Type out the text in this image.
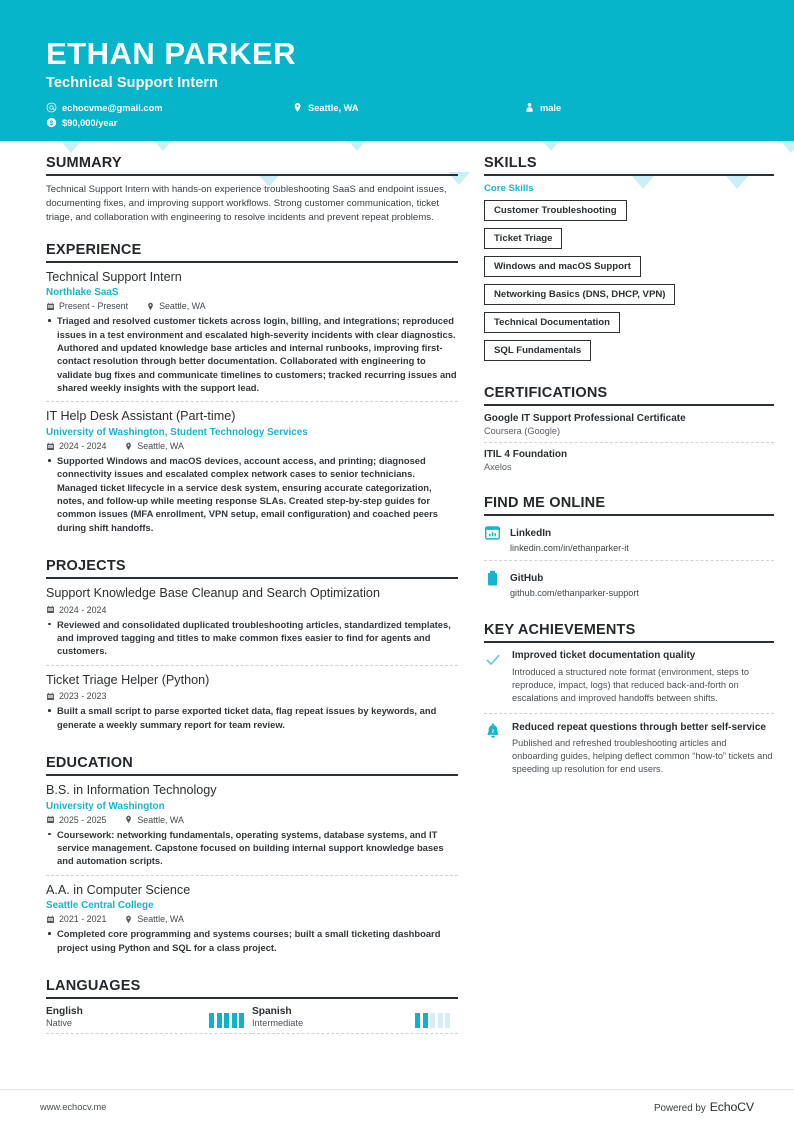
ETHAN PARKER
Technical Support Intern
echocvme@gmail.com	Seattle, WA	male
$ $90,000/year
SUMMARY
Technical Support Intern with hands-on experience troubleshooting SaaS and endpoint issues, documenting fixes, and improving support workflows. Strong customer communication, ticket triage, and collaboration with engineering to resolve incidents and prevent repeat problems.
EXPERIENCE
Technical Support Intern
Northlake SaaS
Present - Present	Seattle, WA
Triaged and resolved customer tickets across login, billing, and integrations; reproduced issues in a test environment and escalated high-severity incidents with clear diagnostics. Authored and updated knowledge base articles and internal runbooks, improving first-contact resolution through better documentation. Collaborated with engineering to validate bug fixes and communicate timelines to customers; tracked recurring issues and shared weekly insights with the support lead.
IT Help Desk Assistant (Part-time)
University of Washington, Student Technology Services
2024 - 2024	Seattle, WA
Supported Windows and macOS devices, account access, and printing; diagnosed connectivity issues and escalated complex network cases to senior technicians. Managed ticket lifecycle in a service desk system, ensuring accurate categorization, notes, and follow-up while meeting response SLAs. Created step-by-step guides for common issues (MFA enrollment, VPN setup, email configuration) and coached peers during shift handoffs.
PROJECTS
Support Knowledge Base Cleanup and Search Optimization
2024 - 2024
Reviewed and consolidated duplicated troubleshooting articles, standardized templates, and improved tagging and titles to make common fixes easier to find for agents and customers.
Ticket Triage Helper (Python)
2023 - 2023
Built a small script to parse exported ticket data, flag repeat issues by keywords, and generate a weekly summary report for team review.
EDUCATION
B.S. in Information Technology
University of Washington
2025 - 2025	Seattle, WA
Coursework: networking fundamentals, operating systems, database systems, and IT service management. Capstone focused on building internal support knowledge bases and automation scripts.
A.A. in Computer Science
Seattle Central College
2021 - 2021	Seattle, WA
Completed core programming and systems courses; built a small ticketing dashboard project using Python and SQL for a class project.
LANGUAGES
English
Native
Spanish
Intermediate
SKILLS
Core Skills
Customer Troubleshooting
Ticket Triage
Windows and macOS Support
Networking Basics (DNS, DHCP, VPN)
Technical Documentation
SQL Fundamentals
CERTIFICATIONS
Google IT Support Professional Certificate
Coursera (Google)
ITIL 4 Foundation
Axelos
FIND ME ONLINE
LinkedIn
linkedin.com/in/ethanparker-it
GitHub
github.com/ethanparker-support
KEY ACHIEVEMENTS
Improved ticket documentation quality
Introduced a structured note format (environment, steps to reproduce, impact, logs) that reduced back-and-forth on escalations and improved handoffs between shifts.
z Reduced repeat questions through better self-service
Published and refreshed troubleshooting articles and onboarding guides, helping deflect common “how-to” tickets and speeding up resolution for end users.
www.echocv.me	Powered by EchoCV
